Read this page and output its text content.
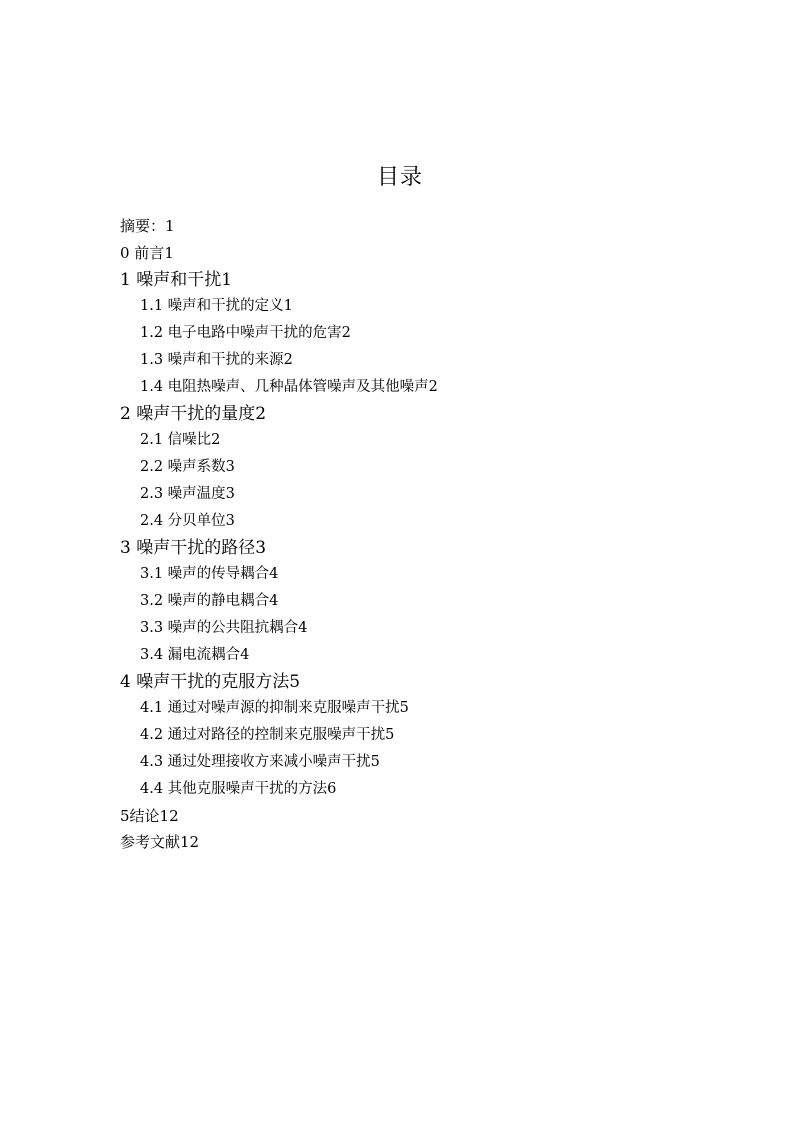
目录
摘要：1
0 前言1
1 噪声和干扰1
1.1 噪声和干扰的定义1
1.2 电子电路中噪声干扰的危害2
1.3 噪声和干扰的来源2
1.4 电阻热噪声、几种晶体管噪声及其他噪声2
2 噪声干扰的量度2
2.1 信噪比2
2.2 噪声系数3
2.3 噪声温度3
2.4 分贝单位3
3 噪声干扰的路径3
3.1 噪声的传导耦合4
3.2 噪声的静电耦合4
3.3 噪声的公共阻抗耦合4
3.4 漏电流耦合4
4 噪声干扰的克服方法5
4.1 通过对噪声源的抑制来克服噪声干扰5
4.2 通过对路径的控制来克服噪声干扰5
4.3 通过处理接收方来减小噪声干扰5
4.4 其他克服噪声干扰的方法6
5结论12
参考文献12
